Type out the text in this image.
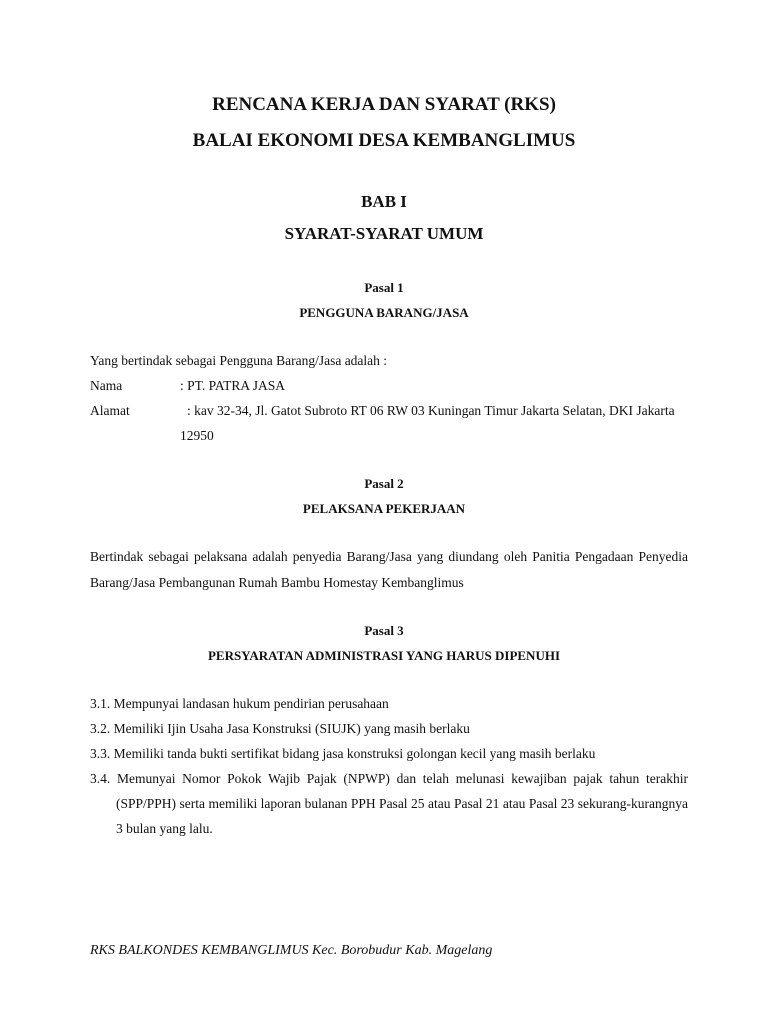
RENCANA KERJA DAN SYARAT (RKS)

BALAI EKONOMI DESA KEMBANGLIMUS

BAB I

SYARAT-SYARAT UMUM

Pasal 1

PENGGUNA BARANG/JASA

Yang bertindak sebagai Pengguna Barang/Jasa adalah :

Nama	: PT. PATRA JASA

Alamat	: kav 32-34, Jl. Gatot Subroto RT 06 RW 03 Kuningan Timur Jakarta Selatan, DKI Jakarta

12950

Pasal 2

PELAKSANA PEKERJAAN

Bertindak sebagai pelaksana adalah penyedia Barang/Jasa yang diundang oleh Panitia Pengadaan Penyedia

Barang/Jasa Pembangunan Rumah Bambu Homestay Kembanglimus

Pasal 3

PERSYARATAN ADMINISTRASI YANG HARUS DIPENUHI

3.1. Mempunyai landasan hukum pendirian perusahaan

3.2. Memiliki Ijin Usaha Jasa Konstruksi (SIUJK) yang masih berlaku

3.3. Memiliki tanda bukti sertifikat bidang jasa konstruksi golongan kecil yang masih berlaku

3.4. Memunyai Nomor Pokok Wajib Pajak (NPWP) dan telah melunasi kewajiban pajak tahun terakhir

(SPP/PPH) serta memiliki laporan bulanan PPH Pasal 25 atau Pasal 21 atau Pasal 23 sekurang-kurangnya

3 bulan yang lalu.

RKS BALKONDES KEMBANGLIMUS Kec. Borobudur Kab. Magelang
